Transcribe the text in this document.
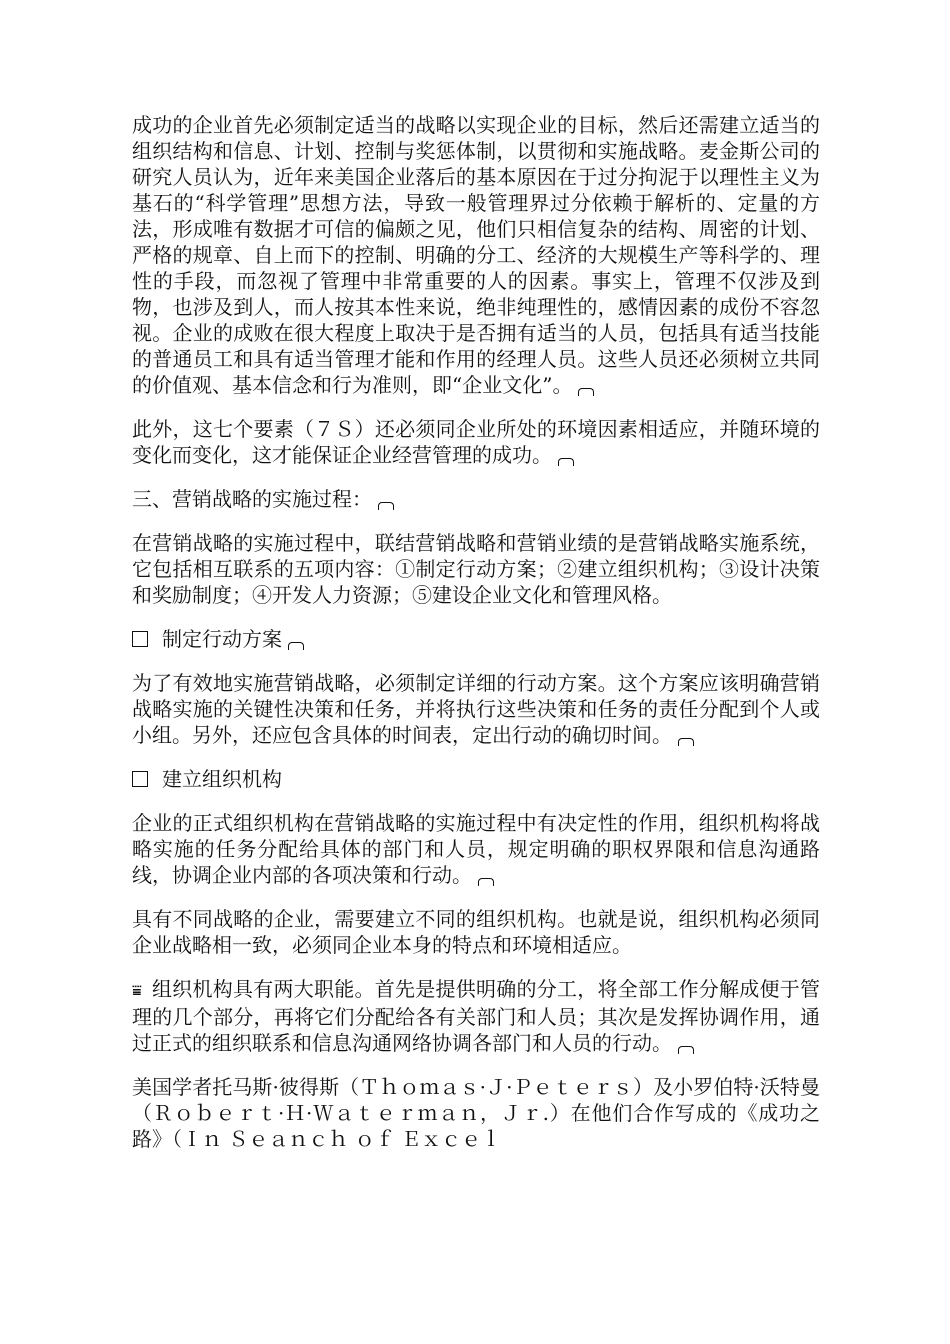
成功的企业首先必须制定适当的战略以实现企业的目标，然后还需建立适当的组织结构和信息、计划、控制与奖惩体制，以贯彻和实施战略。麦金斯公司的研究人员认为，近年来美国企业落后的基本原因在于过分拘泥于以理性主义为基石的“科学管理”思想方法，导致一般管理界过分依赖于解析的、定量的方法，形成唯有数据才可信的偏颇之见，他们只相信复杂的结构、周密的计划、严格的规章、自上而下的控制、明确的分工、经济的大规模生产等科学的、理性的手段，而忽视了管理中非常重要的人的因素。事实上，管理不仅涉及到物，也涉及到人，而人按其本性来说，绝非纯理性的，感情因素的成份不容忽视。企业的成败在很大程度上取决于是否拥有适当的人员，包括具有适当技能的普通员工和具有适当管理才能和作用的经理人员。这些人员还必须树立共同的价值观、基本信念和行为准则，即“企业文化”。

此外，这七个要素（７Ｓ）还必须同企业所处的环境因素相适应，并随环境的变化而变化，这才能保证企业经营管理的成功。

三、营销战略的实施过程：

在营销战略的实施过程中，联结营销战略和营销业绩的是营销战略实施系统，它包括相互联系的五项内容：①制定行动方案；②建立组织机构；③设计决策和奖励制度；④开发人力资源；⑤建设企业文化和管理风格。

制定行动方案

为了有效地实施营销战略，必须制定详细的行动方案。这个方案应该明确营销战略实施的关键性决策和任务，并将执行这些决策和任务的责任分配到个人或小组。另外，还应包含具体的时间表，定出行动的确切时间。

建立组织机构

企业的正式组织机构在营销战略的实施过程中有决定性的作用，组织机构将战略实施的任务分配给具体的部门和人员，规定明确的职权界限和信息沟通路线，协调企业内部的各项决策和行动。

具有不同战略的企业，需要建立不同的组织机构。也就是说，组织机构必须同企业战略相一致，必须同企业本身的特点和环境相适应。

⩸ 组织机构具有两大职能。首先是提供明确的分工，将全部工作分解成便于管理的几个部分，再将它们分配给各有关部门和人员；其次是发挥协调作用，通过正式的组织联系和信息沟通网络协调各部门和人员的行动。

美国学者托马斯·彼得斯（Ｔｈｏｍａｓ·Ｊ·Ｐｅｔｅｒｓ）及小罗伯特·沃特曼（Ｒｏｂｅｒｔ·Ｈ·Ｗａｔｅｒｍａｎ，Ｊｒ.）在他们合作写成的《成功之路》（Ｉｎ Ｓｅａｎｃｈ ｏｆ Ｅｘｃｅｌ
